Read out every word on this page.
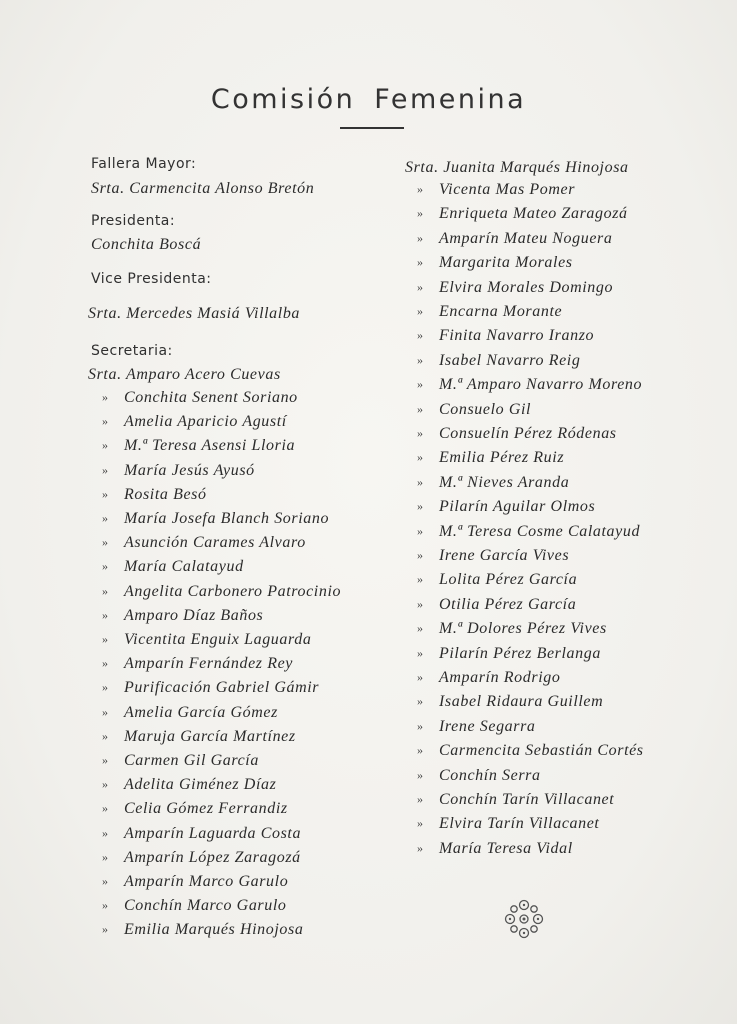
Comisión Femenina
Fallera Mayor:
Srta. Carmencita Alonso Bretón
Presidenta:
Conchita Boscá
Vice Presidenta:
Srta. Mercedes Masiá Villalba
Secretaria:
Srta. Amparo Acero Cuevas
» Conchita Senent Soriano
» Amelia Aparicio Agustí
» M.ª Teresa Asensi Lloria
» María Jesús Ayusó
» Rosita Besó
» María Josefa Blanch Soriano
» Asunción Carames Alvaro
» María Calatayud
» Angelita Carbonero Patrocinio
» Amparo Díaz Baños
» Vicentita Enguix Laguarda
» Amparín Fernández Rey
» Purificación Gabriel Gámir
» Amelia García Gómez
» Maruja García Martínez
» Carmen Gil García
» Adelita Giménez Díaz
» Celia Gómez Ferrandiz
» Amparín Laguarda Costa
» Amparín López Zaragozá
» Amparín Marco Garulo
» Conchín Marco Garulo
» Emilia Marqués Hinojosa
Srta. Juanita Marqués Hinojosa
» Vicenta Mas Pomer
» Enriqueta Mateo Zaragozá
» Amparín Mateu Noguera
» Margarita Morales
» Elvira Morales Domingo
» Encarna Morante
» Finita Navarro Iranzo
» Isabel Navarro Reig
» M.ª Amparo Navarro Moreno
» Consuelo Gil
» Consuelín Pérez Ródenas
» Emilia Pérez Ruiz
» M.ª Nieves Aranda
» Pilarín Aguilar Olmos
» M.ª Teresa Cosme Calatayud
» Irene García Vives
» Lolita Pérez García
» Otilia Pérez García
» M.ª Dolores Pérez Vives
» Pilarín Pérez Berlanga
» Amparín Rodrigo
» Isabel Ridaura Guillem
» Irene Segarra
» Carmencita Sebastián Cortés
» Conchín Serra
» Conchín Tarín Villacanet
» Elvira Tarín Villacanet
» María Teresa Vidal
